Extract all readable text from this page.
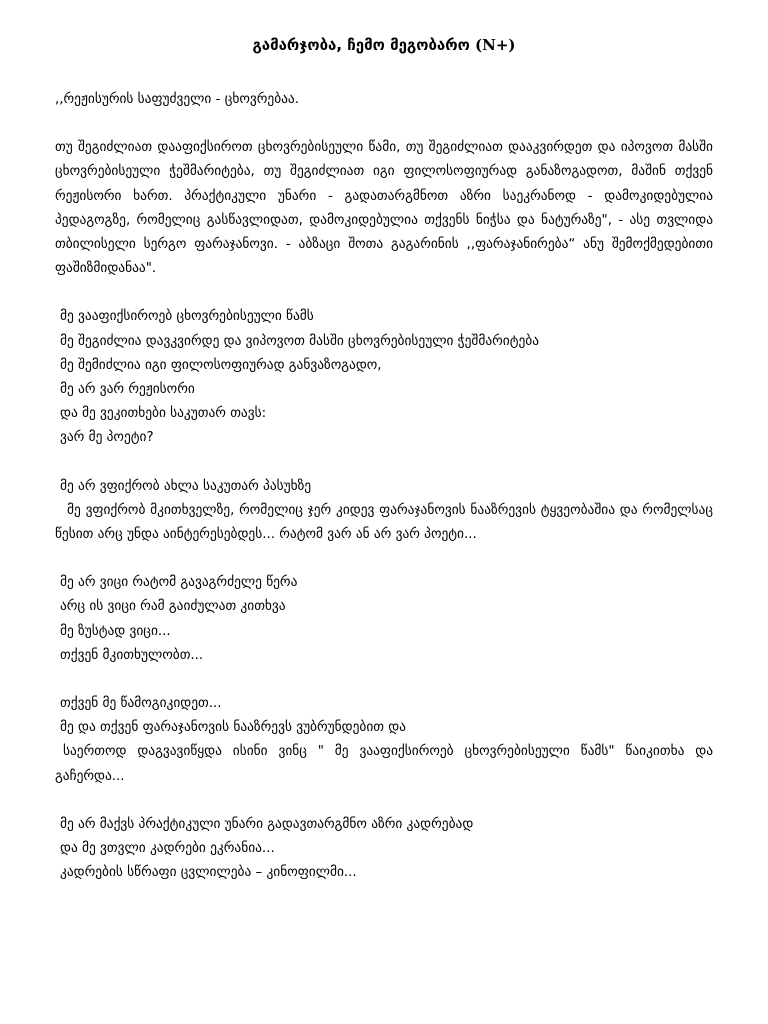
გამარჯობა, ჩემო მეგობარო (N+)

,,რეჟისურის საფუძველი - ცხოვრებაა.

თუ შეგიძლიათ დააფიქსიროთ ცხოვრებისეული წამი, თუ შეგიძლიათ დააკვირდეთ და იპოვოთ მასში ცხოვრებისეული ჭეშმარიტება, თუ შეგიძლიათ იგი ფილოსოფიურად განაზოგადოთ, მაშინ თქვენ რეჟისორი ხართ. პრაქტიკული უნარი - გადათარგმნოთ აზრი საეკრანოდ - დამოკიდებულია პედაგოგზე, რომელიც გასწავლიდათ, დამოკიდებულია თქვენს ნიჭსა და ნატურაზე", - ასე თვლიდა თბილისელი სერგო ფარაჯანოვი. - აბზაცი შოთა გაგარინის ,,ფარაჯანირება“ ანუ შემოქმედებითი ფაშიზმიდანაა".

მე ვააფიქსიროებ ცხოვრებისეული წამს

მე შეგიძლია დავკვირდე და ვიპოვოთ მასში ცხოვრებისეული ჭეშმარიტება

მე შემიძლია იგი ფილოსოფიურად განვაზოგადო,

მე არ ვარ რეჟისორი

და მე ვეკითხები საკუთარ თავს:

ვარ მე პოეტი?

მე არ ვფიქრობ ახლა საკუთარ პასუხზე

მე ვფიქრობ მკითხველზე, რომელიც ჯერ კიდევ ფარაჯანოვის ნააზრევის ტყვეობაშია და რომელსაც წესით არც უნდა აინტერესებდეს... რატომ ვარ ან არ ვარ პოეტი...

მე არ ვიცი რატომ გავაგრძელე წერა

არც ის ვიცი რამ გაიძულათ კითხვა

მე ზუსტად ვიცი...

თქვენ მკითხულობთ...

თქვენ მე წამოგიკიდეთ...

მე და თქვენ ფარაჯანოვის ნააზრევს ვუბრუნდებით და

საერთოდ დაგვავიწყდა ისინი ვინც " მე ვააფიქსიროებ ცხოვრებისეული წამს" წაიკითხა და გაჩერდა...

მე არ მაქვს პრაქტიკული უნარი გადავთარგმნო აზრი კადრებად

და მე ვთვლი კადრები ეკრანია...

კადრების სწრაფი ცვლილება – კინოფილმი...
